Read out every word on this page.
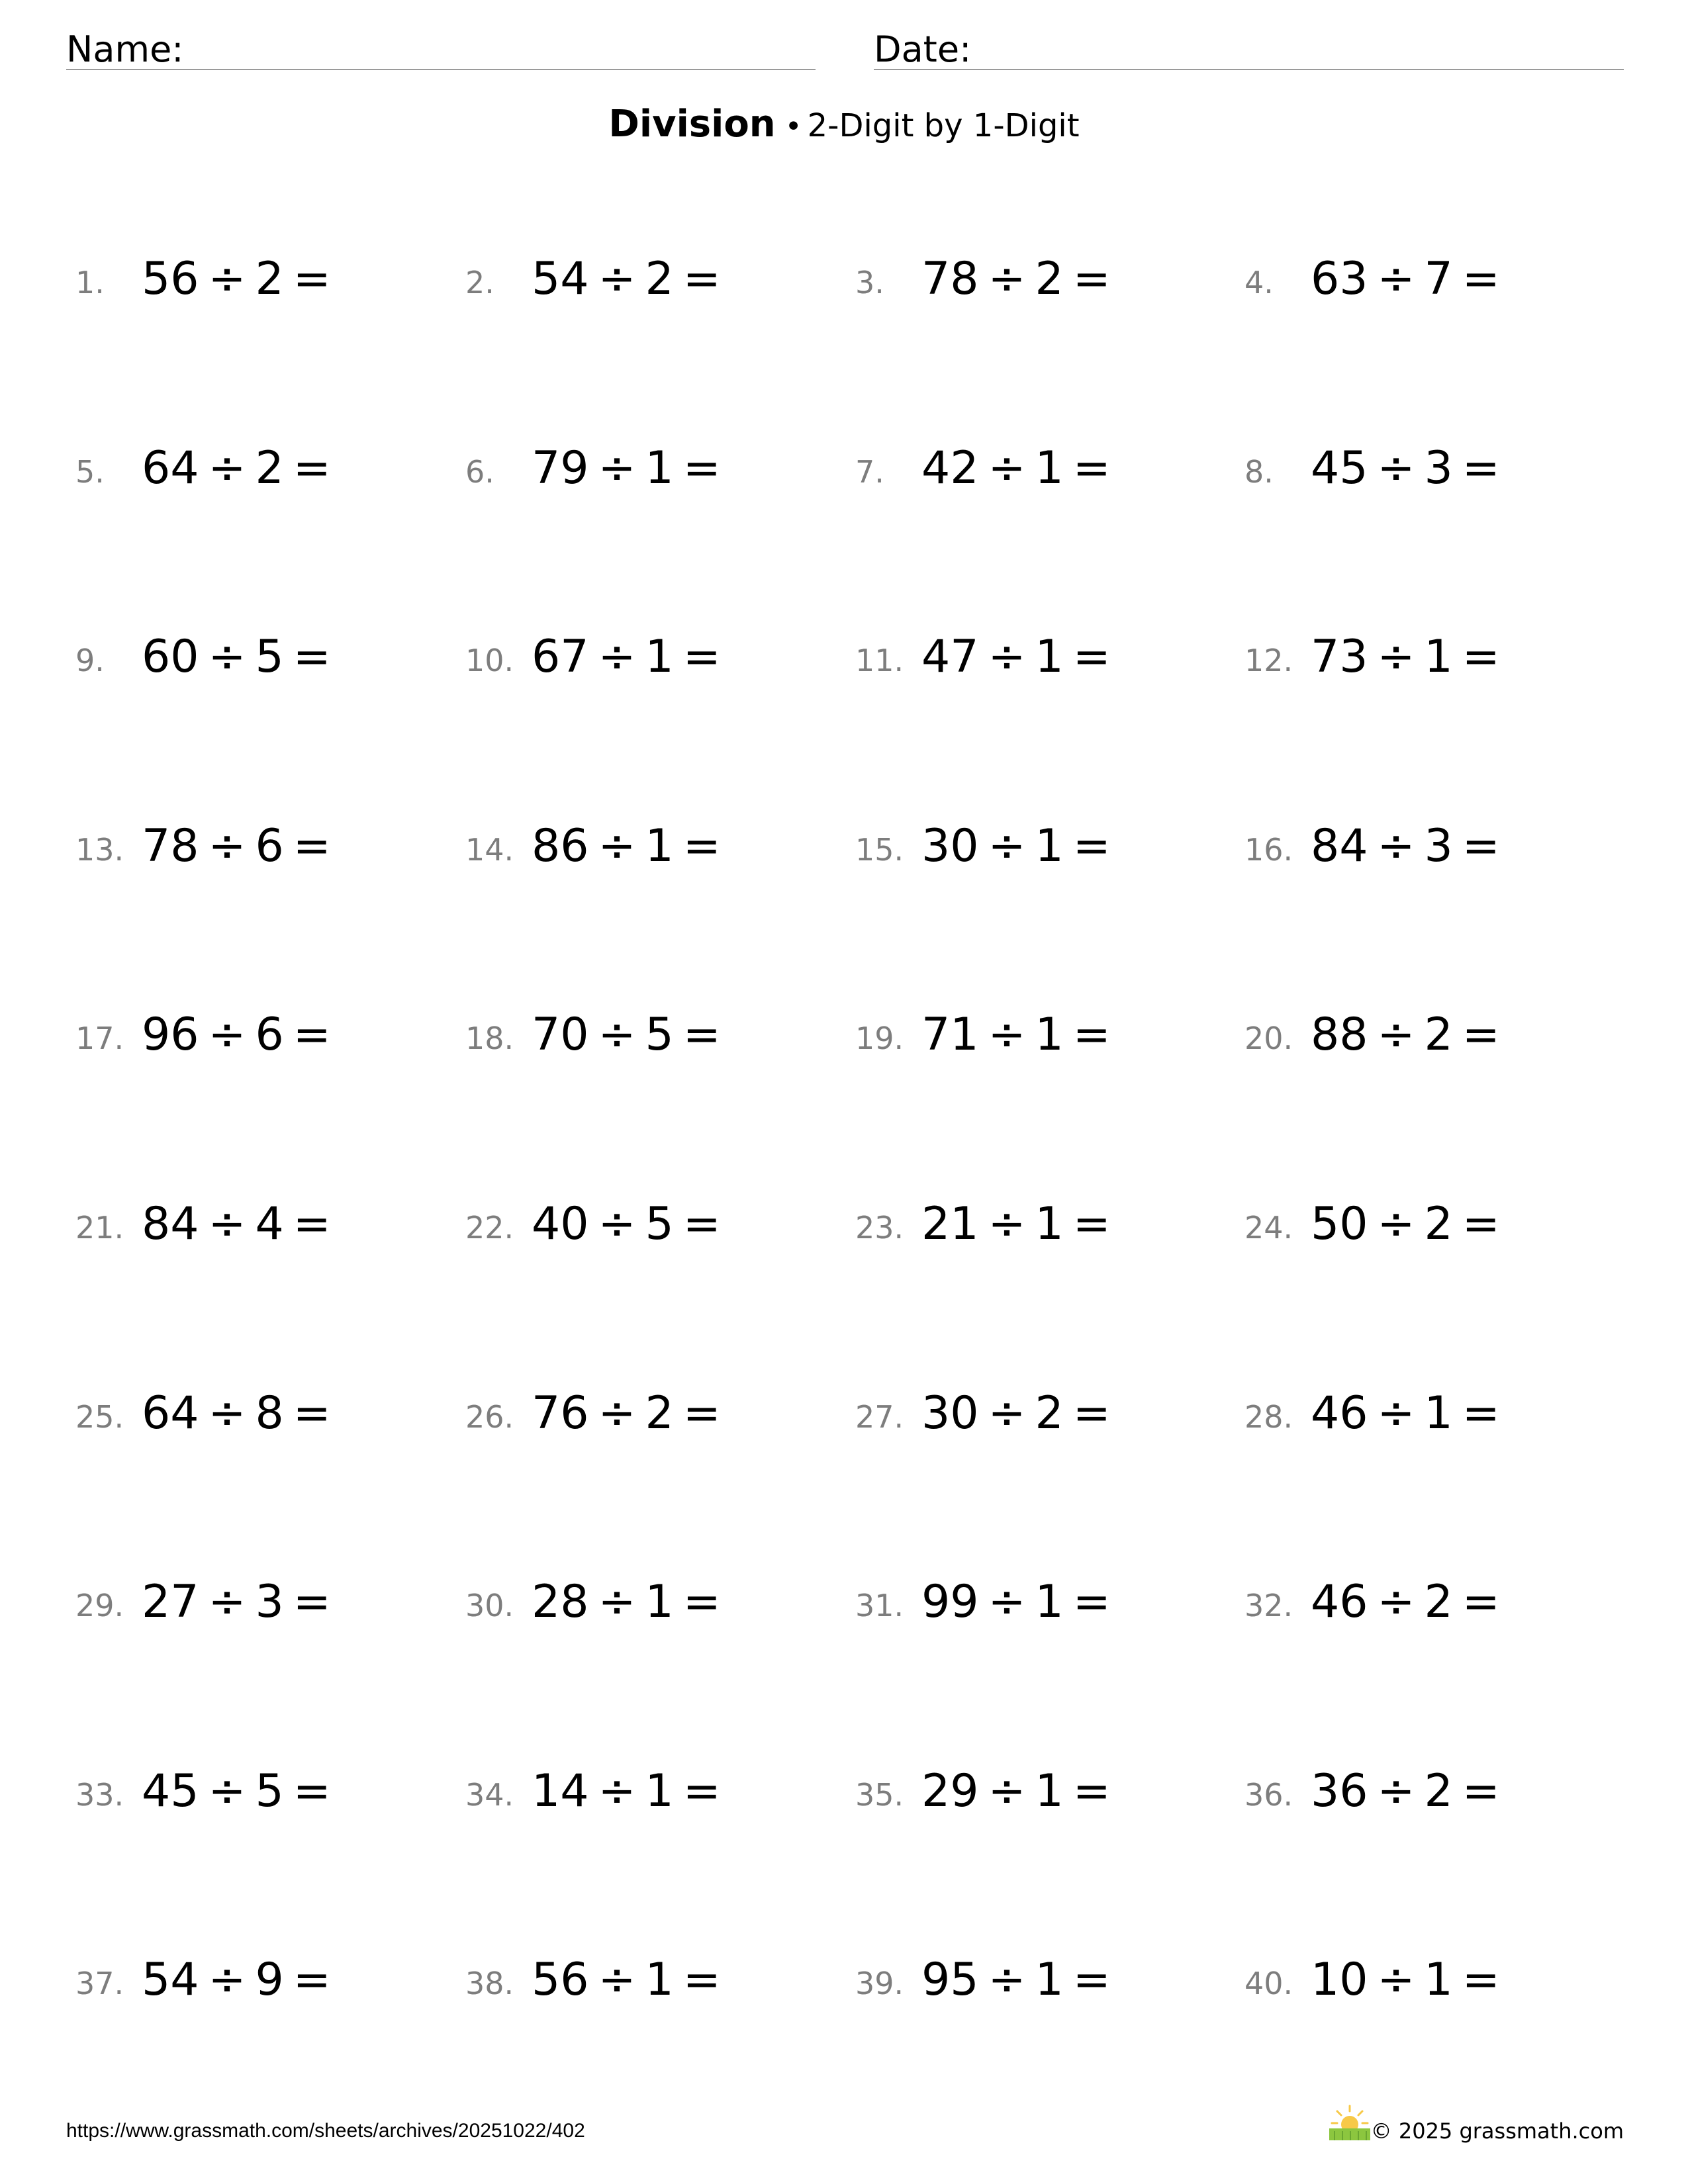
Name:	Date:
Division • 2-Digit by 1-Digit
1. 56 ÷ 2 =	2. 54 ÷ 2 =	3. 78 ÷ 2 =	4. 63 ÷ 7 =
5. 64 ÷ 2 =	6. 79 ÷ 1 =	7. 42 ÷ 1 =	8. 45 ÷ 3 =
9. 60 ÷ 5 =	10. 67 ÷ 1 =	11. 47 ÷ 1 =	12. 73 ÷ 1 =
13. 78 ÷ 6 =	14. 86 ÷ 1 =	15. 30 ÷ 1 =	16. 84 ÷ 3 =
17. 96 ÷ 6 =	18. 70 ÷ 5 =	19. 71 ÷ 1 =	20. 88 ÷ 2 =
21. 84 ÷ 4 =	22. 40 ÷ 5 =	23. 21 ÷ 1 =	24. 50 ÷ 2 =
25. 64 ÷ 8 =	26. 76 ÷ 2 =	27. 30 ÷ 2 =	28. 46 ÷ 1 =
29. 27 ÷ 3 =	30. 28 ÷ 1 =	31. 99 ÷ 1 =	32. 46 ÷ 2 =
33. 45 ÷ 5 =	34. 14 ÷ 1 =	35. 29 ÷ 1 =	36. 36 ÷ 2 =
37. 54 ÷ 9 =	38. 56 ÷ 1 =	39. 95 ÷ 1 =	40. 10 ÷ 1 =
https://www.grassmath.com/sheets/archives/20251022/402	© 2025 grassmath.com
